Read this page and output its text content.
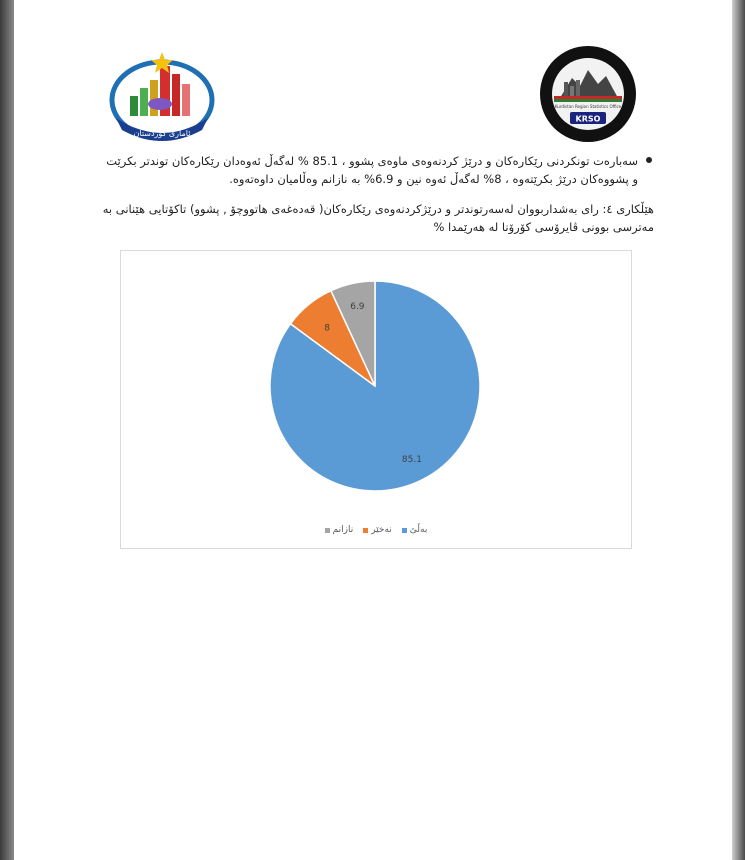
ئاماری کوردستان
Kurdistan Region Statistics Office
KRSO
سەبارەت تونکردنی رێکارەکان و درێژ کردنەوەی ماوەی پشوو ، 85.1 % لەگەڵ ئەوەدان رێکارەکان توندتر بکرێت و پشووەکان درێژ بکرێتەوە ، 8% لەگەڵ ئەوە نین و 6.9% بە نازانم وەڵامیان داوەتەوە.
هێڵکاری ٤: رای بەشداربووان لەسەرتوندتر و درێژکردنەوەی رێکارەکان( قەدەغەی هاتووچۆ , پشوو) تاکۆتایی هێنانی بە مەترسی بوونی ڤایرۆسی کۆرۆنا لە هەرێمدا %
85.1
8
6.9
بەڵێ
نەخێر
نازانم
